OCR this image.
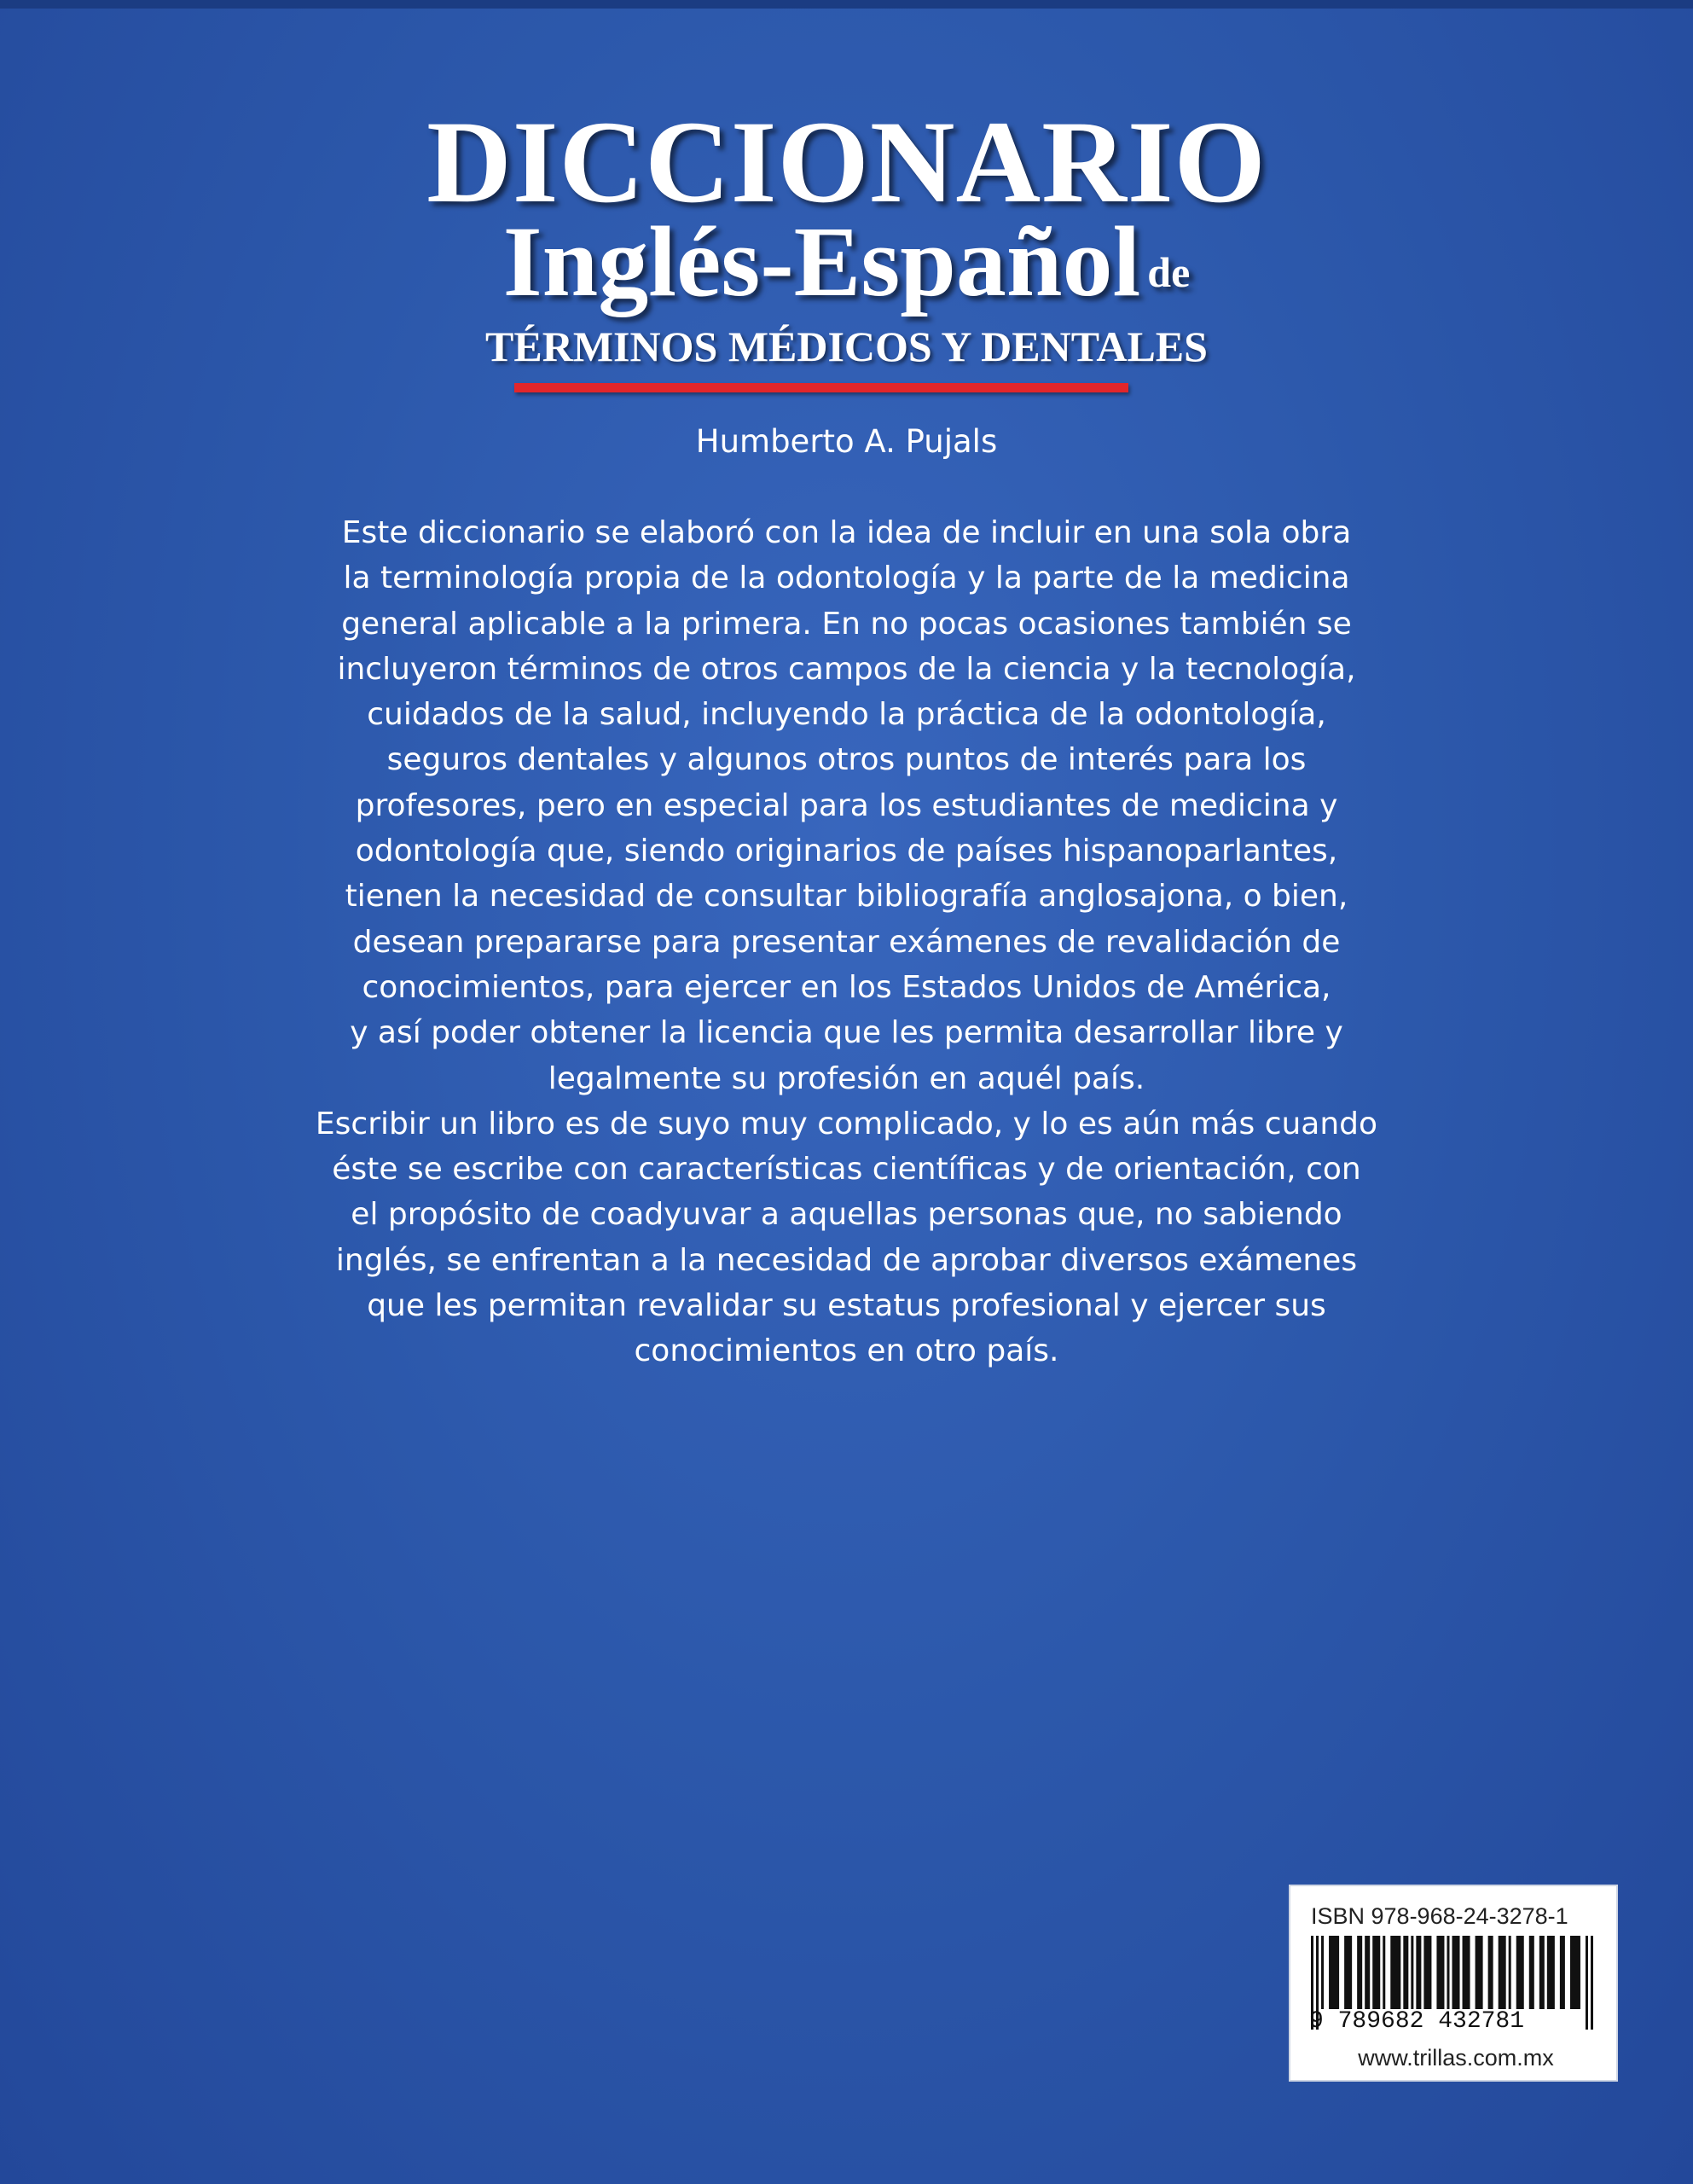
DICCIONARIO
Inglés-Español de
TÉRMINOS MÉDICOS Y DENTALES
Humberto A. Pujals
Este diccionario se elaboró con la idea de incluir en una sola obra
la terminología propia de la odontología y la parte de la medicina
general aplicable a la primera. En no pocas ocasiones también se
incluyeron términos de otros campos de la ciencia y la tecnología,
cuidados de la salud, incluyendo la práctica de la odontología,
seguros dentales y algunos otros puntos de interés para los
profesores, pero en especial para los estudiantes de medicina y
odontología que, siendo originarios de países hispanoparlantes,
tienen la necesidad de consultar bibliografía anglosajona, o bien,
desean prepararse para presentar exámenes de revalidación de
conocimientos, para ejercer en los Estados Unidos de América,
y así poder obtener la licencia que les permita desarrollar libre y
legalmente su profesión en aquél país.
Escribir un libro es de suyo muy complicado, y lo es aún más cuando
éste se escribe con características científicas y de orientación, con
el propósito de coadyuvar a aquellas personas que, no sabiendo
inglés, se enfrentan a la necesidad de aprobar diversos exámenes
que les permitan revalidar su estatus profesional y ejercer sus
conocimientos en otro país.
ISBN 978-968-24-3278-1
9 789682 432781
www.trillas.com.mx
